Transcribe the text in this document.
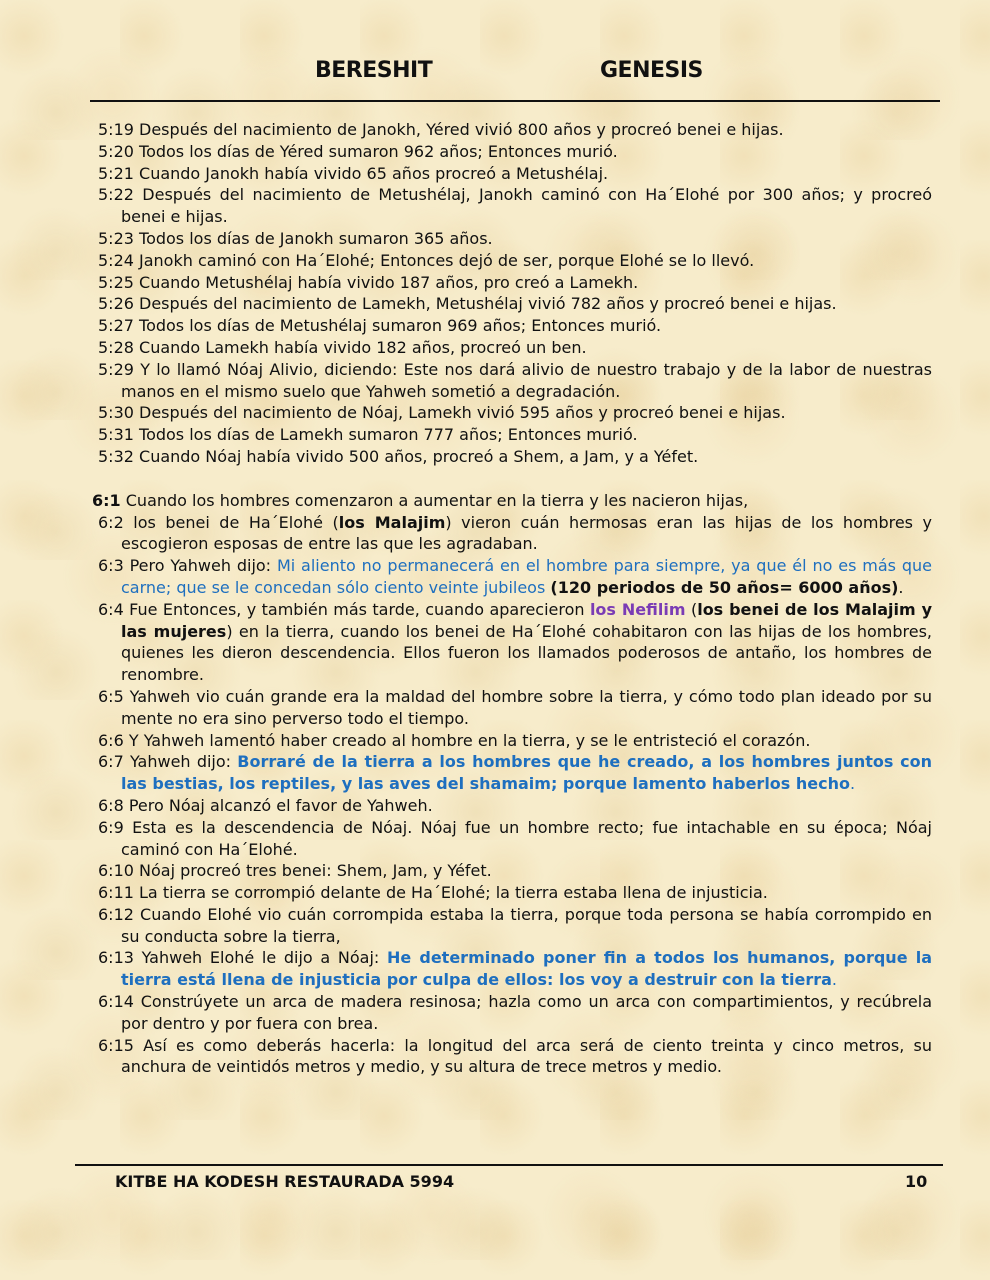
BERESHIT	GENESIS

5:19 Después del nacimiento de Janokh, Yéred vivió 800 años y procreó benei e hijas.

5:20 Todos los días de Yéred sumaron 962 años; Entonces murió.

5:21 Cuando Janokh había vivido 65 años procreó a Metushélaj.

5:22 Después del nacimiento de Metushélaj, Janokh caminó con Ha´Elohé por 300 años; y procreó benei e hijas.

5:23 Todos los días de Janokh sumaron 365 años.

5:24 Janokh caminó con Ha´Elohé; Entonces dejó de ser, porque Elohé se lo llevó.

5:25 Cuando Metushélaj había vivido 187 años, pro creó a Lamekh.

5:26 Después del nacimiento de Lamekh, Metushélaj vivió 782 años y procreó benei e hijas.

5:27 Todos los días de Metushélaj sumaron 969 años; Entonces murió.

5:28 Cuando Lamekh había vivido 182 años, procreó un ben.

5:29 Y lo llamó Nóaj Alivio, diciendo: Este nos dará alivio de nuestro trabajo y de la labor de nuestras manos en el mismo suelo que Yahweh sometió a degradación.

5:30 Después del nacimiento de Nóaj, Lamekh vivió 595 años y procreó benei e hijas.

5:31 Todos los días de Lamekh sumaron 777 años; Entonces murió.

5:32 Cuando Nóaj había vivido 500 años, procreó a Shem, a Jam, y a Yéfet.

6:1 Cuando los hombres comenzaron a aumentar en la tierra y les nacieron hijas,

6:2 los benei de Ha´Elohé (los Malajim) vieron cuán hermosas eran las hijas de los hombres y escogieron esposas de entre las que les agradaban.

6:3 Pero Yahweh dijo: Mi aliento no permanecerá en el hombre para siempre, ya que él no es más que carne; que se le concedan sólo ciento veinte jubileos (120 periodos de 50 años= 6000 años).

6:4 Fue Entonces, y también más tarde, cuando aparecieron los Nefilim (los benei de los Malajim y las mujeres) en la tierra, cuando los benei de Ha´Elohé cohabitaron con las hijas de los hombres, quienes les dieron descendencia. Ellos fueron los llamados poderosos de antaño, los hombres de renombre.

6:5 Yahweh vio cuán grande era la maldad del hombre sobre la tierra, y cómo todo plan ideado por su mente no era sino perverso todo el tiempo.

6:6 Y Yahweh lamentó haber creado al hombre en la tierra, y se le entristeció el corazón.

6:7 Yahweh dijo: Borraré de la tierra a los hombres que he creado, a los hombres juntos con las bestias, los reptiles, y las aves del shamaim; porque lamento haberlos hecho.

6:8 Pero Nóaj alcanzó el favor de Yahweh.

6:9 Esta es la descendencia de Nóaj. Nóaj fue un hombre recto; fue intachable en su época; Nóaj caminó con Ha´Elohé.

6:10 Nóaj procreó tres benei: Shem, Jam, y Yéfet.

6:11 La tierra se corrompió delante de Ha´Elohé; la tierra estaba llena de injusticia.

6:12 Cuando Elohé vio cuán corrompida estaba la tierra, porque toda persona se había corrompido en su conducta sobre la tierra,

6:13 Yahweh Elohé le dijo a Nóaj: He determinado poner fin a todos los humanos, porque la tierra está llena de injusticia por culpa de ellos: los voy a destruir con la tierra.

6:14 Constrúyete un arca de madera resinosa; hazla como un arca con compartimientos, y recúbrela por dentro y por fuera con brea.

6:15 Así es como deberás hacerla: la longitud del arca será de ciento treinta y cinco metros, su anchura de veintidós metros y medio, y su altura de trece metros y medio.

KITBE HA KODESH RESTAURADA 5994	10
